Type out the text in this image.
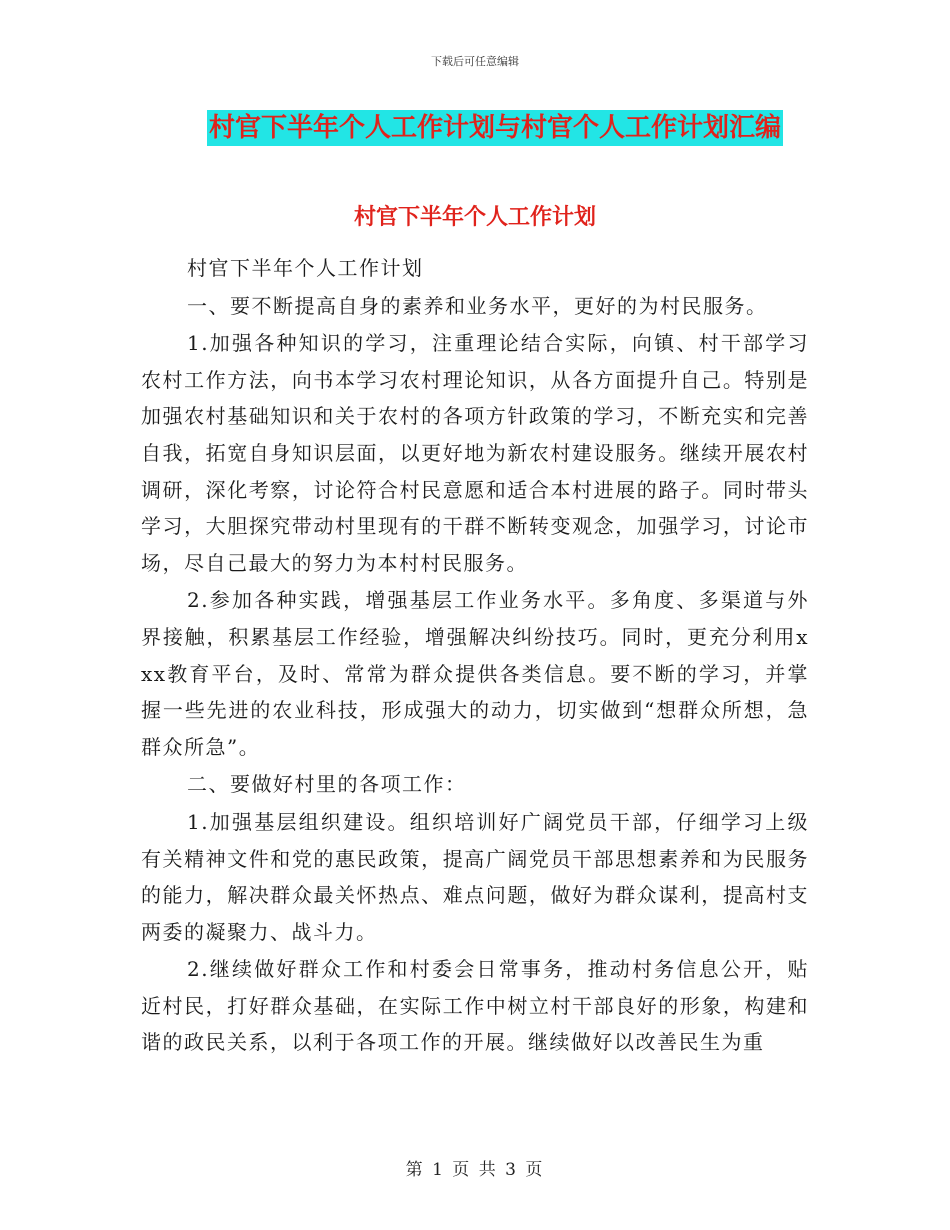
下载后可任意编辑
村官下半年个人工作计划与村官个人工作计划汇编
村官下半年个人工作计划

村官下半年个人工作计划

一、要不断提高自身的素养和业务水平，更好的为村民服务。

1.加强各种知识的学习，注重理论结合实际，向镇、村干部学习农村工作方法，向书本学习农村理论知识，从各方面提升自己。特别是加强农村基础知识和关于农村的各项方针政策的学习，不断充实和完善自我，拓宽自身知识层面，以更好地为新农村建设服务。继续开展农村调研，深化考察，讨论符合村民意愿和适合本村进展的路子。同时带头学习，大胆探究带动村里现有的干群不断转变观念，加强学习，讨论市场，尽自己最大的努力为本村村民服务。

2.参加各种实践，增强基层工作业务水平。多角度、多渠道与外界接触，积累基层工作经验，增强解决纠纷技巧。同时，更充分利用xxx教育平台，及时、常常为群众提供各类信息。要不断的学习，并掌握一些先进的农业科技，形成强大的动力，切实做到“想群众所想，急群众所急”。

二、要做好村里的各项工作：

1.加强基层组织建设。组织培训好广阔党员干部，仔细学习上级有关精神文件和党的惠民政策，提高广阔党员干部思想素养和为民服务的能力，解决群众最关怀热点、难点问题，做好为群众谋利，提高村支两委的凝聚力、战斗力。

2.继续做好群众工作和村委会日常事务，推动村务信息公开，贴近村民，打好群众基础，在实际工作中树立村干部良好的形象，构建和谐的政民关系，以利于各项工作的开展。继续做好以改善民生为重

第 1 页 共 3 页
